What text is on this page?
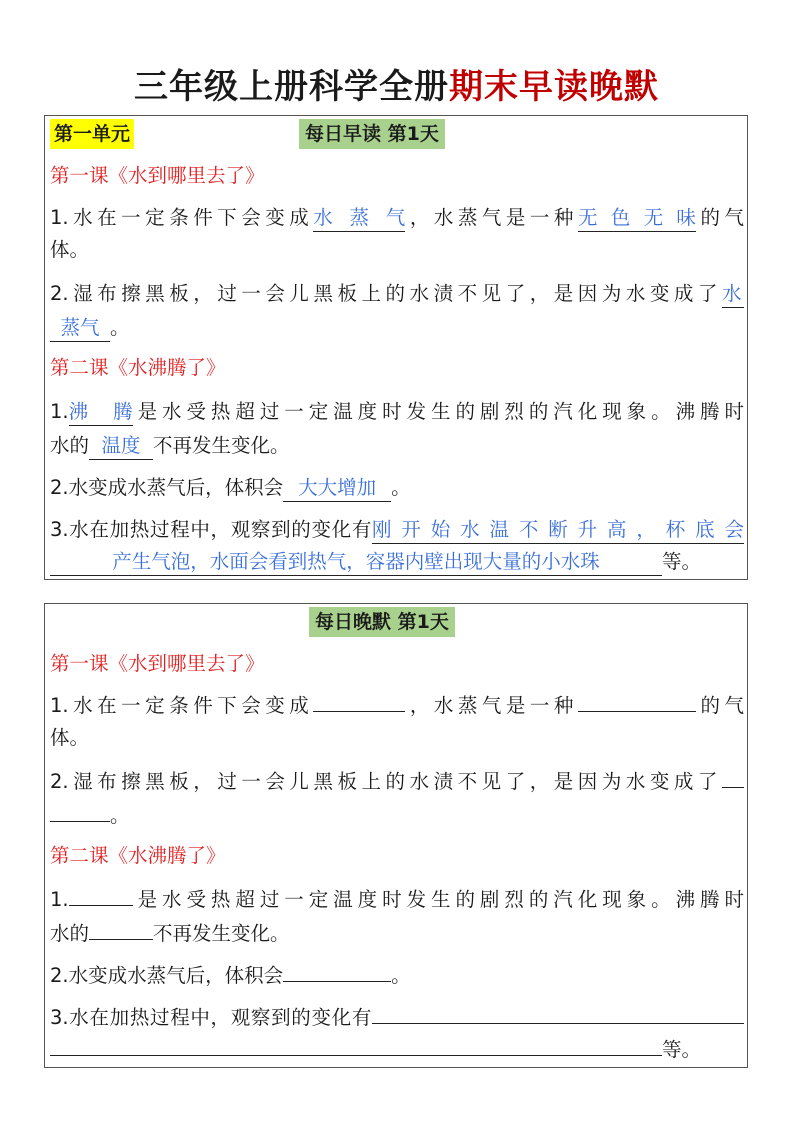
三年级上册科学全册期末早读晚默
第一单元	每日早读 第1天
第一课《水到哪里去了》
1.水在一定条件下会变成水蒸气，水蒸气是一种无色无味的气
体。
2.湿布擦黑板，过一会儿黑板上的水渍不见了，是因为水变成了水
蒸气 。
第二课《水沸腾了》
1.沸腾是水受热超过一定温度时发生的剧烈的汽化现象。沸腾时
水的 温度 不再发生变化。
2.水变成水蒸气后，体积会 大大增加 。
3.水在加热过程中，观察到的变化有刚开始水温不断升高，杯底会
产生气泡，水面会看到热气，容器内壁出现大量的小水珠	等。
每日晚默 第1天
第一课《水到哪里去了》
1.水在一定条件下会变成	，水蒸气是一种	的气
体。
2.湿布擦黑板，过一会儿黑板上的水渍不见了，是因为水变成了
。
第二课《水沸腾了》
1.	是水受热超过一定温度时发生的剧烈的汽化现象。沸腾时
水的	不再发生变化。
2.水变成水蒸气后，体积会	。
3.水在加热过程中，观察到的变化有
等。
